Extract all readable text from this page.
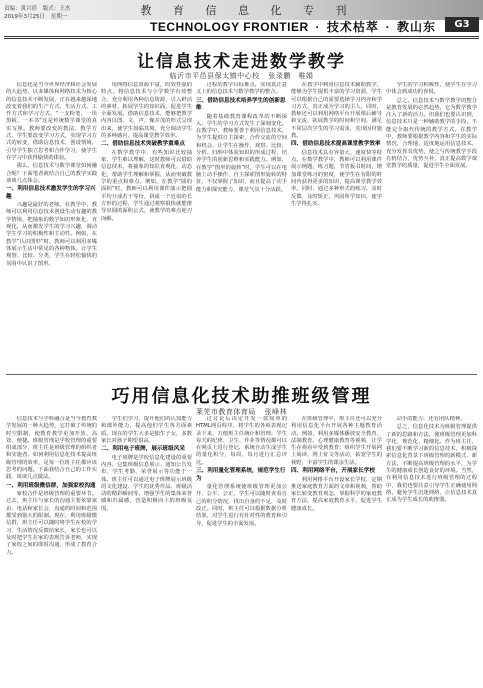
教 育 信 息 化 专 刊
责编：黄兴蓓 版式：王杰
2019年3月25日 星期一
TECHNOLOGY FRONTIER · 技术枯萃 · 教山东	G3
让信息技术走进数学教学
临沂市平邑县保太镇中心校 张录鹏　唯娟

信息化是当今世界经济和社会发展的大趋势，以多媒体和网络技术为核心的信息技术不断发展，正在越来越深地改变着我们的生产方式、生活方式、工作方式和学习方式。“一支粉笔、一块黑板、一本书”这是传统数学课堂的真实写照。教师要改变的教法、教学方式，学生要改变学习方式，实现学习方式的转变，借助信息技术，创设情境，引导学生独立思考和合作学习，使学生在学习中获得愉快的体验。

那么，信息技术与数学课堂如何融合呢？下面笔者就结合自己的教学实践谈谈几点体会。

一、利用信息技术激发学生的学习兴趣

兴趣是最好的老师。在教学中，教师可以利用信息技术创设生动有趣的教学情境，把抽象的数学知识形象化、直观化，从而激发学生的学习兴趣，调动学生学习的积极性和主动性。例如，在教学“认识图形”时，教师可以利用多媒体展示生活中常见的各种物体，让学生观察、比较、分类，学生在轻松愉快的氛围中认识了图形。

用网络信息资源丰富，时效性强的特点，将信息技术与小学数学有效整合，充分利用各种信息资源，引入鲜活的素材，拓展学生的知识面，促进学生全面发展。借助信息技术，能够把教学内容以图、文、声、像并茂的形式呈现出来，使学生如临其境，充分调动学生的多种感官，提高课堂教学效率。

二、借助信息技术突破教学重难点

在数学教学中，有些知识比较抽象，学生难以理解，这时教师可以借助信息技术，将抽象的知识直观化、动态化，帮助学生理解和掌握，从而突破教学的重点和难点。例如，在教学“圆的面积”时，教师可以利用课件演示把圆平均分成若干等份，拼成一个近似的长方形的过程，学生通过观察很快就能推导出圆的面积公式，使教学的难点迎刃而解。

过程的教学目标难点，实现真正意义上的信息技术与数学教学的整合。

三、借助信息技术培养学生的创新思维

随着基础教育课程改革的不断深入，学生的学习方式发生了深刻变化。在教学中，教师要善于利用信息技术，为学生提供自主探索、合作交流的空间和机会，让学生在操作、观察、比较、分析、归纳中体验知识的形成过程，培养学生的创新思维和实践能力。例如，在教学“图形的旋转”时，学生可以在电脑上动手操作，自主探索图形旋转的特征，不仅掌握了知识，而且提高了动手能力和探究能力，课堂气氛十分活跃。

在教学中利用信息技术辅助教学，能够为学生提供丰富的学习资源，学生可以根据自己的需要选择学习内容和学习方式，真正成为学习的主人。同时，教师还可以利用网络平台开展课后辅导和交流，拓展教学的时间和空间，满足不同层次学生的学习需求，实现因材施教。

四、借助信息技术提高课堂教学效率

信息技术具有容量大、速度快等特点。在数学教学中，教师可以利用课件展示例题、练习题，节省板书时间，增加课堂练习的密度，使学生在有限的时间内获得更多的知识，提高课堂教学效率。同时，通过多种形式的练习，及时反馈，及时矫正，巩固所学知识，使学生学得扎实。

学生的学习积极性，使学生在学习中体会到成功的喜悦。

总之，信息技术与数学教学的整合是教育发展的必然趋势，它为数学教学注入了新的活力。但我们也要认识到，信息技术只是一种辅助教学的手段，不能完全取代传统的教学方式。在教学中，教师要根据教学内容和学生的实际情况，合理地、适度地运用信息技术，充分发挥其优势，使之与传统教学手段有机结合，优势互补，真正提高数学课堂教学的质量，促进学生全面发展。

巧用信息化技术助推班级管理
莱芜市教育体育局 张峰林

信息技术与学科融合是当今教育教学发展的一种大趋势，它打破了传统的时空限制，使教育教学更加开放、高效、便捷。班级管理是学校管理的重要组成部分，班主任是班级管理的组织者和实施者。如何利用信息化技术提高班级管理的效率，是每一位班主任都应该思考的问题。下面我结合自己的工作实践，谈谈几点做法。

一、利用班级微信群，加强家校沟通

家校合作是班级管理的重要环节。过去，班主任与家长的沟通主要依靠家访、电话和家长会，沟通的时间和范围都受到很大的限制。现在，利用班级微信群，班主任可以随时将学生在校的学习、生活情况反馈给家长，家长也可以及时把学生在家的表现告诉老师，实现了家校之间的即时沟通，形成了教育合力。

学生们学习，提升他们的认知能力和课外能力，提高他们学生各方面素质。现在的学生大多是独生子女，多数家长对孩子期望很高。

二、利用电子班牌，展示班级风采

电子班牌是学校信息化建设的重要内容，它集班级信息展示、通知公告发布、学生考勤、荣誉展示等功能于一体。班主任可以通过电子班牌展示班级的文化建设、学生的优秀作品、班级活动的精彩瞬间等，增强学生的集体荣誉感和归属感，营造积极向上的班级氛围。

过讨论后决定开发一款简单的HTML网页程序，将学生的各项表现记录下来，方便班主任统计和管理。学生每天的纪律、卫生、作业等情况都可以在网页上进行登记，系统自动生成学生的量化积分，每周、每月进行汇总评比。

三、利用量化管理系统，规范学生行为

量化管理系统使班级管理更加公开、公平、公正，学生可以随时查看自己的积分情况，找出自身的不足，及时改正。同时，班主任可以根据数据分析结果，对学生进行有针对性的教育和引导，促进学生的全面发展。

在班级管理中，班主任还可以充分利用信息化平台开展各种主题教育活动。例如，利用多媒体播放安全教育、法制教育、心理健康教育等视频，让学生在观看中受到教育；组织学生开展网上阅读、网上征文等活动，拓宽学生的视野，丰富学生的课余生活。

四、利用网络平台，开展家长学校

利用网络平台开设家长学校，定期推送家庭教育方面的文章和视频，帮助家长转变教育观念，掌握科学的家庭教育方法，提高家庭教育水平，促进学生健康成长。

动手的能力，还有团队精神。

总之，信息化技术为班级管理提供了新的思路和方法，使班级管理更加科学化、规范化、精细化。作为班主任，我们要不断学习新的信息技术，积极探索信息化背景下班级管理的新模式、新方法，不断提高班级管理的水平，为学生的健康成长创造良好的环境。当然，在利用信息技术进行班级管理的过程中，我们也要注意引导学生正确使用网络，避免学生沉迷网络，让信息技术真正成为学生成长的助推器。
